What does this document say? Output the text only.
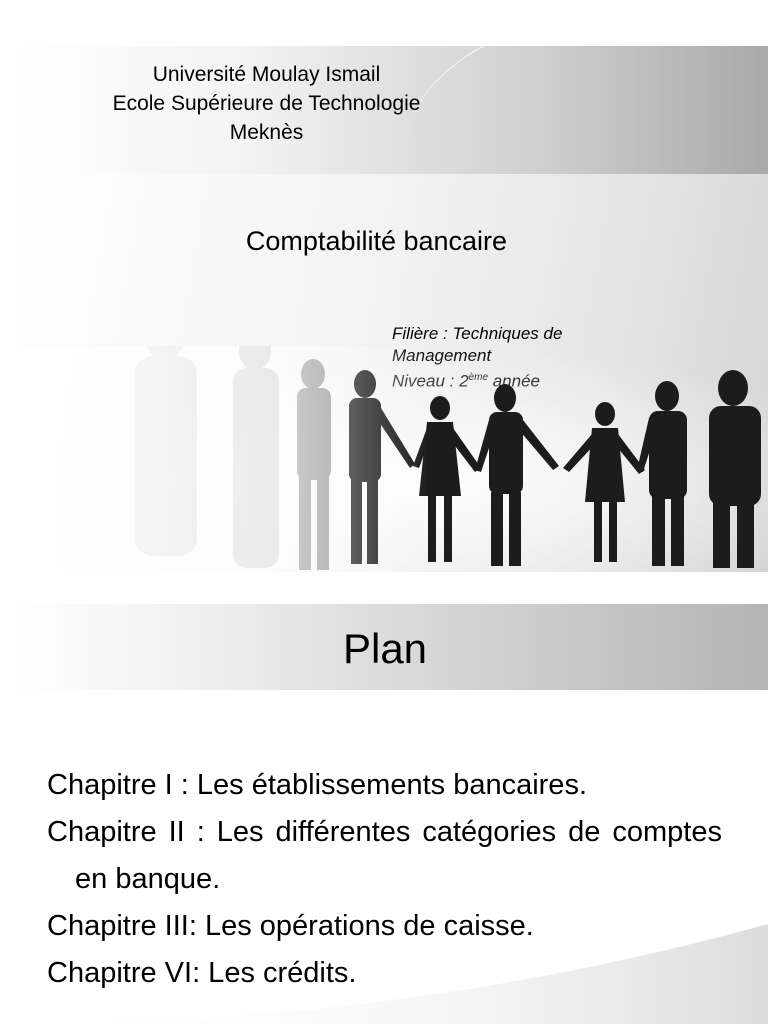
Université Moulay Ismail
Ecole Supérieure de Technologie
Meknès
Comptabilité bancaire
Filière : Techniques de
Plan
Chapitre I : Les établissements bancaires.
Chapitre II : Les différentes catégories de comptes en banque.
Chapitre III: Les opérations de caisse.
Chapitre VI: Les crédits.
